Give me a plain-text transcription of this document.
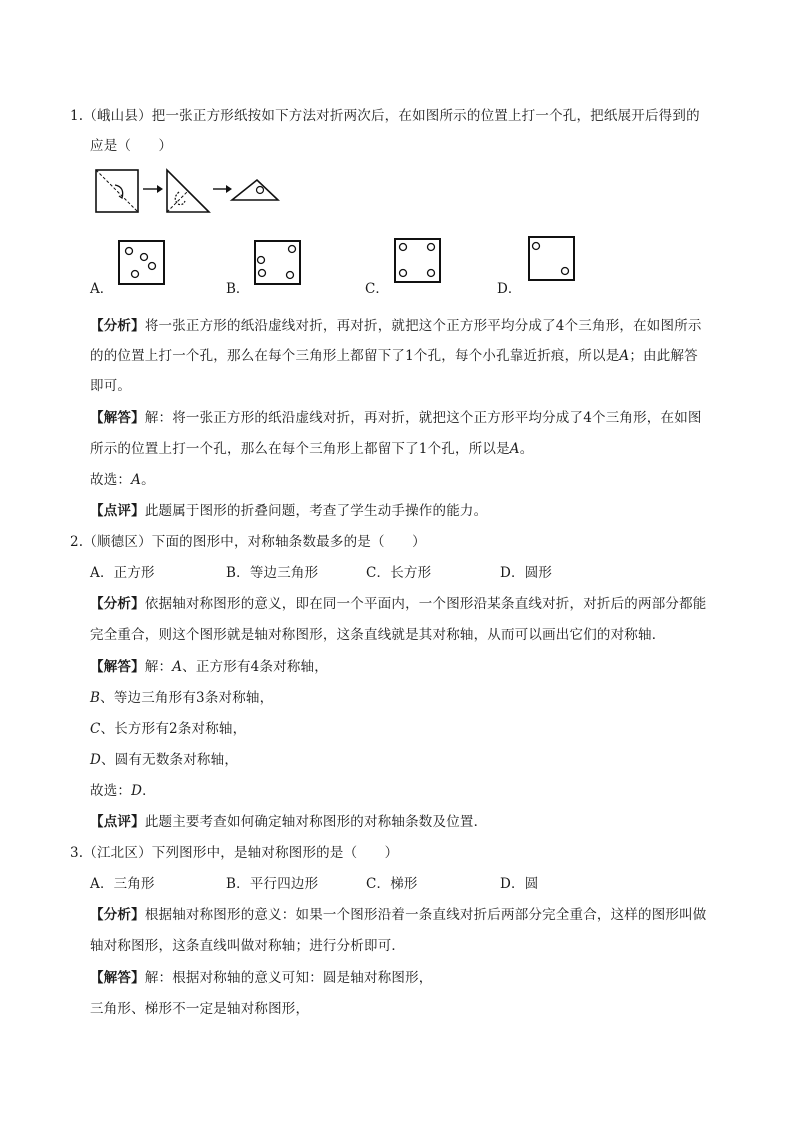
1.（峨山县）把一张正方形纸按如下方法对折两次后，在如图所示的位置上打一个孔，把纸展开后得到的
应是（　　）
A．	B．	C．	D．
【分析】将一张正方形的纸沿虚线对折，再对折，就把这个正方形平均分成了4个三角形，在如图所示
的的位置上打一个孔，那么在每个三角形上都留下了1个孔，每个小孔靠近折痕，所以是A；由此解答
即可。
【解答】解：将一张正方形的纸沿虚线对折，再对折，就把这个正方形平均分成了4个三角形，在如图
所示的位置上打一个孔，那么在每个三角形上都留下了1个孔，所以是A。
故选：A。
【点评】此题属于图形的折叠问题，考查了学生动手操作的能力。
2.（顺德区）下面的图形中，对称轴条数最多的是（　　）
A．正方形	B．等边三角形	C．长方形	D．圆形
【分析】依据轴对称图形的意义，即在同一个平面内，一个图形沿某条直线对折，对折后的两部分都能
完全重合，则这个图形就是轴对称图形，这条直线就是其对称轴，从而可以画出它们的对称轴．
【解答】解：A、正方形有4条对称轴，
B、等边三角形有3条对称轴，
C、长方形有2条对称轴，
D、圆有无数条对称轴，
故选：D．
【点评】此题主要考查如何确定轴对称图形的对称轴条数及位置．
3.（江北区）下列图形中，是轴对称图形的是（　　）
A．三角形	B．平行四边形	C．梯形	D．圆
【分析】根据轴对称图形的意义：如果一个图形沿着一条直线对折后两部分完全重合，这样的图形叫做
轴对称图形，这条直线叫做对称轴；进行分析即可．
【解答】解：根据对称轴的意义可知：圆是轴对称图形，
三角形、梯形不一定是轴对称图形，
